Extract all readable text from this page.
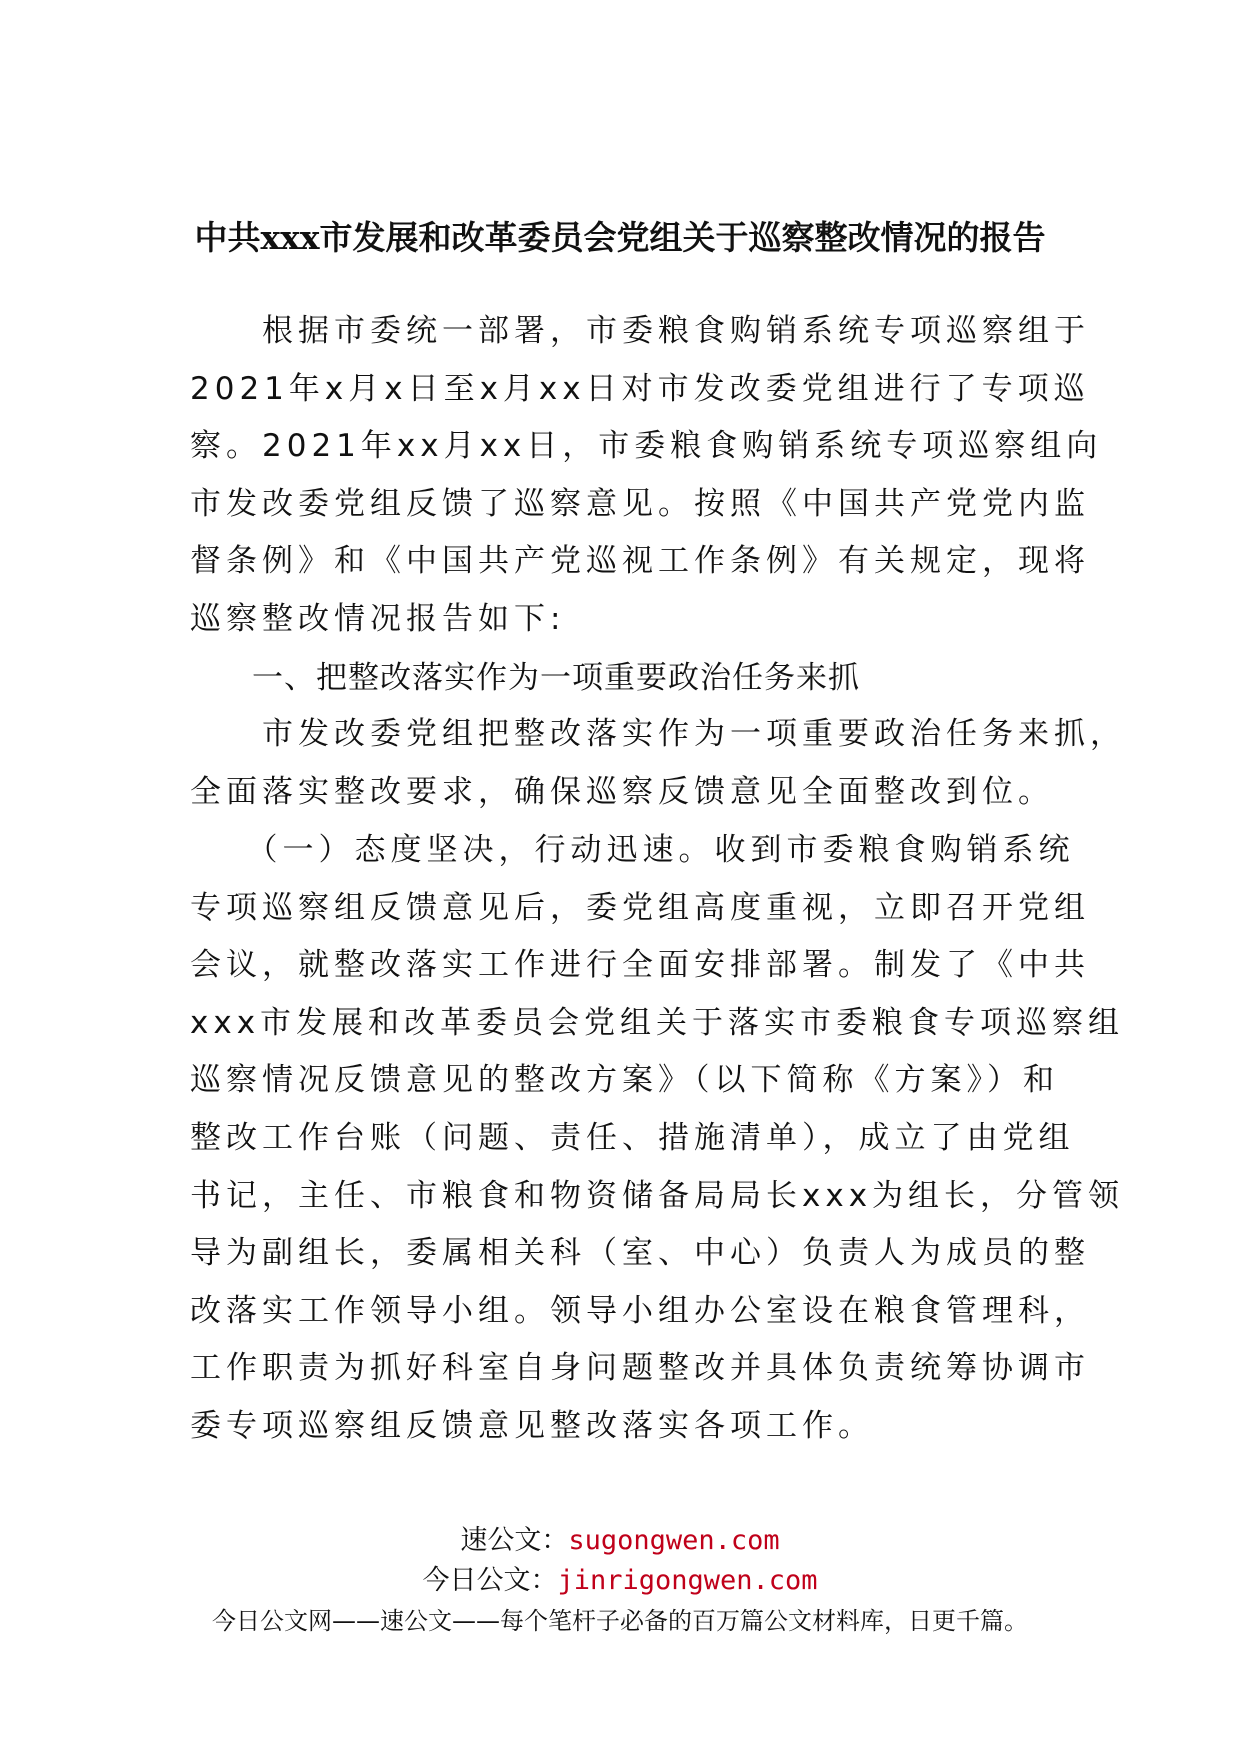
中共xxx市发展和改革委员会党组关于巡察整改情况的报告
　　根据市委统一部署，市委粮食购销系统专项巡察组于
2021年x月x日至x月xx日对市发改委党组进行了专项巡
察。2021年xx月xx日，市委粮食购销系统专项巡察组向
市发改委党组反馈了巡察意见。按照《中国共产党党内监
督条例》和《中国共产党巡视工作条例》有关规定，现将
巡察整改情况报告如下:
一、把整改落实作为一项重要政治任务来抓
　　市发改委党组把整改落实作为一项重要政治任务来抓，
全面落实整改要求，确保巡察反馈意见全面整改到位。
　　（一）态度坚决，行动迅速。收到市委粮食购销系统
专项巡察组反馈意见后，委党组高度重视，立即召开党组
会议，就整改落实工作进行全面安排部署。制发了《中共
xxx市发展和改革委员会党组关于落实市委粮食专项巡察组
巡察情况反馈意见的整改方案》（以下简称《方案》）和
整改工作台账（问题、责任、措施清单），成立了由党组
书记，主任、市粮食和物资储备局局长xxx为组长，分管领
导为副组长，委属相关科（室、中心）负责人为成员的整
改落实工作领导小组。领导小组办公室设在粮食管理科，
工作职责为抓好科室自身问题整改并具体负责统筹协调市
委专项巡察组反馈意见整改落实各项工作。
速公文：sugongwen.com
今日公文：jinrigongwen.com
今日公文网——速公文——每个笔杆子必备的百万篇公文材料库，日更千篇。
